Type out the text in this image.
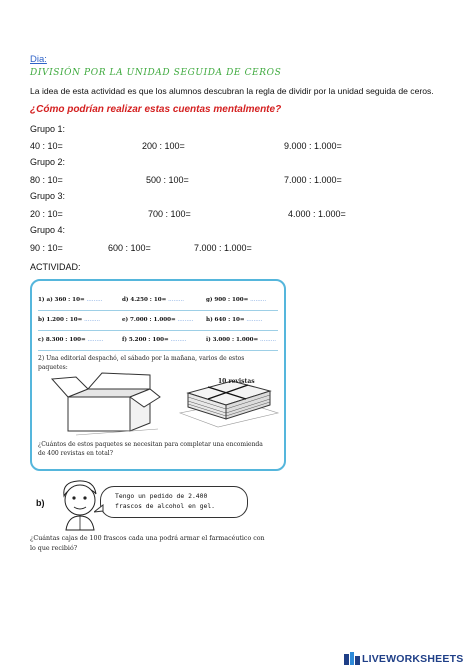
Dia:
DIVISIÓN POR LA UNIDAD SEGUIDA DE CEROS
La idea de esta actividad es que los alumnos descubran la regla de dividir por la unidad seguida de ceros.
¿Cómo podrían realizar estas cuentas mentalmente?
Grupo 1:
40 : 10=	200 : 100=	9.000 : 1.000=
Grupo 2:
80 : 10=	500 : 100=	7.000 : 1.000=
Grupo 3:
20 : 10=	700 : 100=	4.000 : 1.000=
Grupo 4:
90 : 10=	600 : 100=	7.000 : 1.000=
ACTIVIDAD:
1) a) 360 : 10= .........	d) 4.250 : 10= .........	g) 900 : 100= .........
b) 1.200 : 10= .........	e) 7.000 : 1.000= ......... h) 640 : 10= .........
c) 8.300 : 100= .........	f) 5.200 : 100= .........	i) 3.000 : 1.000= .........
2) Una editorial despachó, el sábado por la mañana, varios de estos
paquetes:
10 revistas
¿Cuántos de estos paquetes se necesitan para completar una encomienda
de 400 revistas en total?
b)
Tengo un pedido de 2.400
frascos de alcohol en gel.
¿Cuántas cajas de 100 frascos cada una podrá armar el farmacéutico con
lo que recibió?
LIVEWORKSHEETS
